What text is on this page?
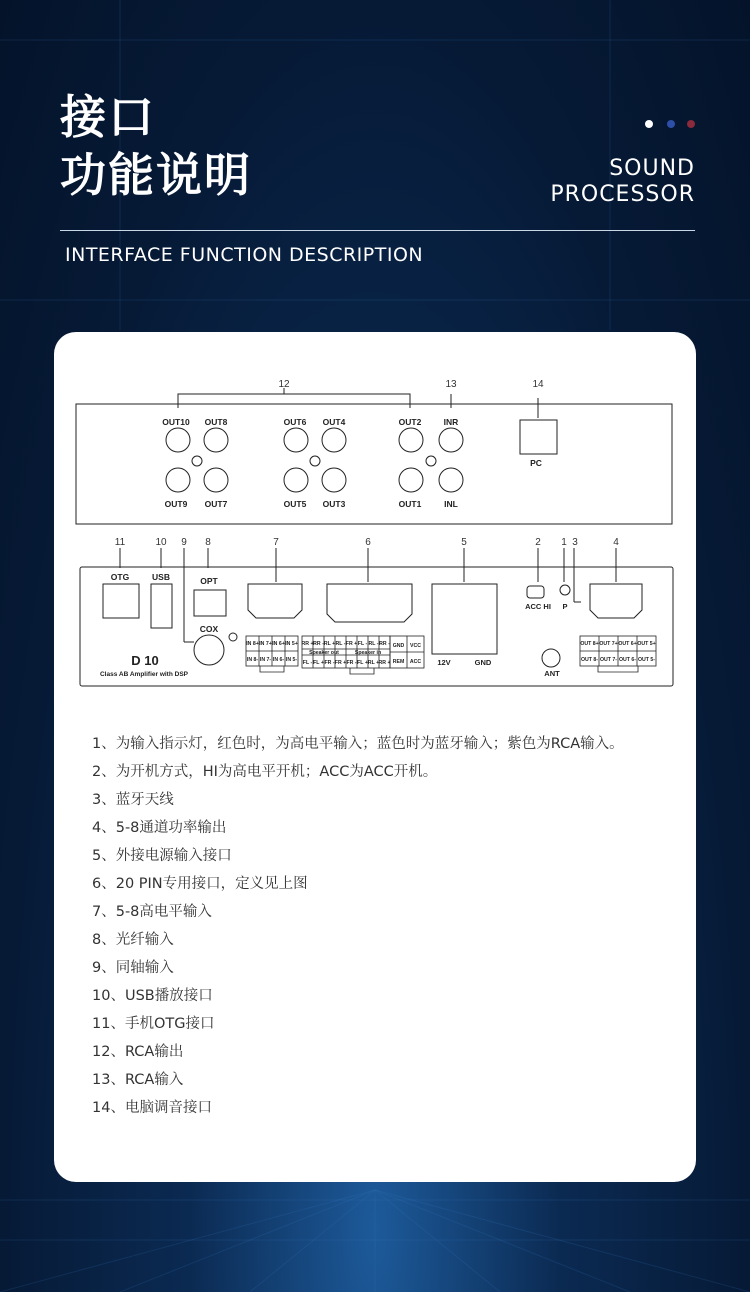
接口
功能说明	SOUND
PROCESSOR
INTERFACE FUNCTION DESCRIPTION
12	13	14
11	10 9 8	7	6	5	2 1 3	4
OUT10 OUT8
OUT9 OUT7
OUT6 OUT4
OUT5 OUT3
OUT2	INR
OUT1	INL
PC
OTG	USB	OPT
COX
D 10
Class AB Amplifier with DSP
12V	GND
ACC HI P
ANT
IN 8+ IN 7+ IN 6+ IN 5+
IN 8- IN 7- IN 6- IN 5-
RR + RR - RL + RL - FR + FL - RL - RR -
FL - FL + FR - FR + FR - FL + RL + RR +
Speaker out	Speaker in
GND VCC
REM ACC
OUT 8+ OUT 7+ OUT 6+ OUT 5+
OUT 8- OUT 7- OUT 6- OUT 5-
1、为输入指示灯，红色时，为高电平输入；蓝色时为蓝牙输入；紫色为RCA输入。
2、为开机方式，HI为高电平开机；ACC为ACC开机。
3、蓝牙天线
4、5-8通道功率输出
5、外接电源输入接口
6、20 PIN专用接口，定义见上图
7、5-8高电平输入
8、光纤输入
9、同轴输入
10、USB播放接口
11、手机OTG接口
12、RCA输出
13、RCA输入
14、电脑调音接口
